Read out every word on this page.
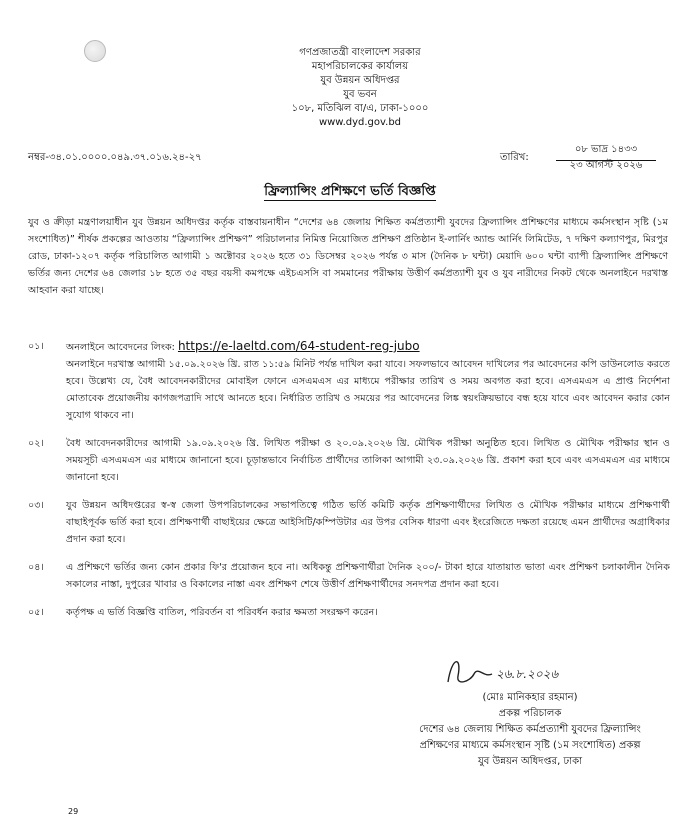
গণপ্রজাতন্ত্রী বাংলাদেশ সরকার
মহাপরিচালকের কার্যালয়
যুব উন্নয়ন অধিদপ্তর
যুব ভবন
১০৮, মতিঝিল বা/এ, ঢাকা-১০০০
www.dyd.gov.bd
নম্বর-৩৪.০১.০০০০.০৪৯.৩৭.০১৬.২৪-২৭	তারিখ:
০৮ ভাদ্র ১৪৩৩
২৩ আগস্ট ২০২৬
ফ্রিল্যান্সিং প্রশিক্ষণে ভর্তি বিজ্ঞপ্তি
যুব ও ক্রীড়া মন্ত্রণালয়াধীন যুব উন্নয়ন অধিদপ্তর কর্তৃক বাস্তবায়নাধীন “দেশের ৬৪ জেলায় শিক্ষিত কর্মপ্রত্যাশী যুবদের ফ্রিল্যান্সিং প্রশিক্ষণের মাধ্যমে কর্মসংস্থান সৃষ্টি (১ম সংশোধিত)” শীর্ষক প্রকল্পের আওতায় “ফ্রিল্যান্সিং প্রশিক্ষণ” পরিচালনার নিমিত্ত নিয়োজিত প্রশিক্ষণ প্রতিষ্ঠান ই-লার্নিং অ্যান্ড আর্নিং লিমিটেড, ৭ দক্ষিণ কল্যাণপুর, মিরপুর রোড, ঢাকা-১২০৭ কর্তৃক পরিচালিত আগামী ১ অক্টোবর ২০২৬ হতে ৩১ ডিসেম্বর ২০২৬ পর্যন্ত ৩ মাস (দৈনিক ৮ ঘন্টা) মেয়াদি ৬০০ ঘন্টা ব্যাপী ফ্রিল্যান্সিং প্রশিক্ষণে ভর্তির জন্য দেশের ৬৪ জেলার ১৮ হতে ৩৫ বছর বয়সী কমপক্ষে এইচএসসি বা সমমানের পরীক্ষায় উত্তীর্ণ কর্মপ্রত্যাশী যুব ও যুব নারীদের নিকট থেকে অনলাইনে দরখাস্ত আহবান করা যাচ্ছে।
০১। অনলাইনে আবেদনের লিংক: https://e-laeltd.com/64-student-reg-jubo
অনলাইনে দরখাস্ত আগামী ১৫.০৯.২০২৬ খ্রি. রাত ১১:৫৯ মিনিট পর্যন্ত দাখিল করা যাবে। সফলভাবে আবেদন দাখিলের পর আবেদনের কপি ডাউনলোড করতে হবে। উল্লেখ্য যে, বৈধ আবেদনকারীদের মোবাইল ফোনে এসএমএস এর মাধ্যমে পরীক্ষার তারিখ ও সময় অবগত করা হবে। এসএমএস এ প্রাপ্ত নির্দেশনা মোতাবেক প্রয়োজনীয় কাগজপত্রাদি সাথে আনতে হবে। নির্ধারিত তারিখ ও সময়ের পর আবেদনের লিঙ্ক স্বয়ংক্রিয়ভাবে বন্ধ হয়ে যাবে এবং আবেদন করার কোন সুযোগ থাকবে না।
০২। বৈধ আবেদনকারীদের আগামী ১৯.০৯.২০২৬ খ্রি. লিখিত পরীক্ষা ও ২০.০৯.২০২৬ খ্রি. মৌখিক পরীক্ষা অনুষ্ঠিত হবে। লিখিত ও মৌখিক পরীক্ষার স্থান ও সময়সূচী এসএমএস এর মাধ্যমে জানানো হবে। চূড়ান্তভাবে নির্বাচিত প্রার্থীদের তালিকা আগামী ২৩.০৯.২০২৬ খ্রি. প্রকাশ করা হবে এবং এসএমএস এর মাধ্যমে জানানো হবে।
০৩। যুব উন্নয়ন অধিদপ্তরের স্ব-স্ব জেলা উপপরিচালকের সভাপতিত্বে গঠিত ভর্তি কমিটি কর্তৃক প্রশিক্ষণার্থীদের লিখিত ও মৌখিক পরীক্ষার মাধ্যমে প্রশিক্ষণার্থী বাছাইপূর্বক ভর্তি করা হবে। প্রশিক্ষণার্থী বাছাইয়ের ক্ষেত্রে আইসিটি/কম্পিউটার এর উপর বেসিক ধারণা এবং ইংরেজিতে দক্ষতা রয়েছে এমন প্রার্থীদের অগ্রাধিকার প্রদান করা হবে।
০৪। এ প্রশিক্ষণে ভর্তির জন্য কোন প্রকার ফি'র প্রয়োজন হবে না। অধিকন্তু প্রশিক্ষণার্থীরা দৈনিক ২০০/- টাকা হারে যাতায়াত ভাতা এবং প্রশিক্ষণ চলাকালীন দৈনিক সকালের নাস্তা, দুপুরের খাবার ও বিকালের নাস্তা এবং প্রশিক্ষণ শেষে উত্তীর্ণ প্রশিক্ষণার্থীদের সনদপত্র প্রদান করা হবে।
০৫। কর্তৃপক্ষ এ ভর্তি বিজ্ঞপ্তি বাতিল, পরিবর্তন বা পরিবর্ধন করার ক্ষমতা সংরক্ষণ করেন।
২৬.৮.২০২৬
(মোঃ মানিকহার রহমান)
প্রকল্প পরিচালক
দেশের ৬৪ জেলায় শিক্ষিত কর্মপ্রত্যাশী যুবদের ফ্রিল্যান্সিং
প্রশিক্ষণের মাধ্যমে কর্মসংস্থান সৃষ্টি (১ম সংশোধিত) প্রকল্প
যুব উন্নয়ন অধিদপ্তর, ঢাকা
29
